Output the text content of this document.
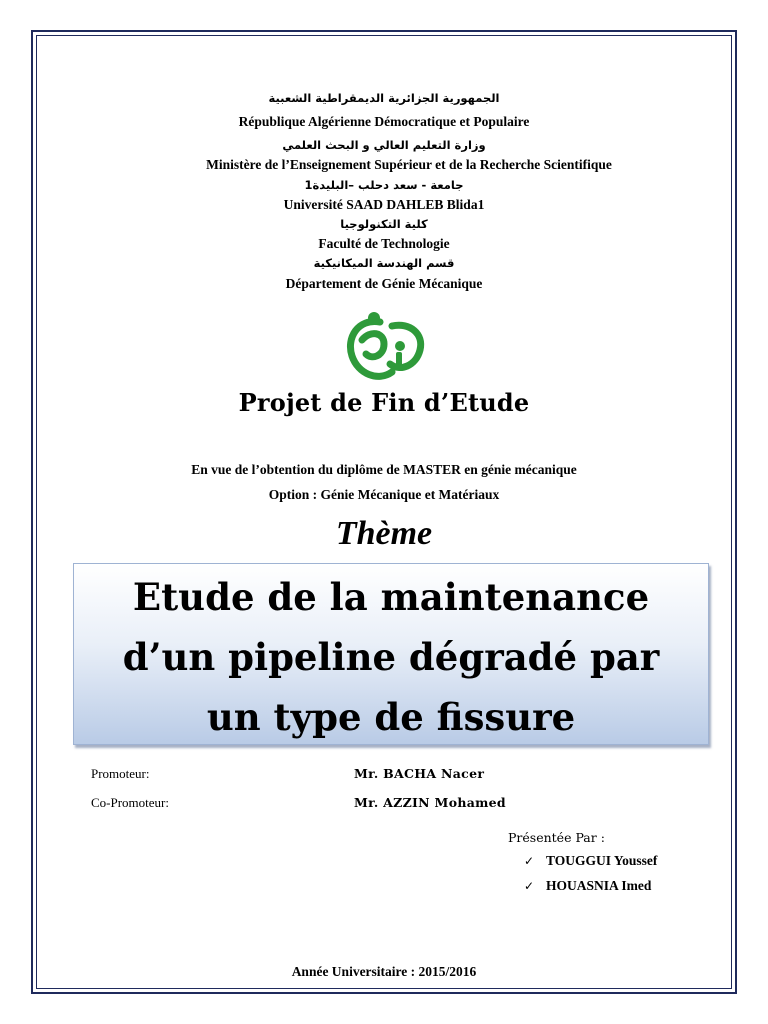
الجمهورية الجزائرية الديمقراطية الشعبية
République Algérienne Démocratique et Populaire
وزارة التعليم العالي و البحث العلمي
Ministère de l’Enseignement Supérieur et de la Recherche Scientifique
جامعة - سعد دحلب –البليدة1
Université SAAD DAHLEB Blida1
كلية التكنولوجيا
Faculté de Technologie
قسم الهندسة الميكانيكية
Département de Génie Mécanique
Projet de Fin d’Etude
En vue de l’obtention du diplôme de MASTER en génie mécanique
Option : Génie Mécanique et Matériaux
Thème
Etude de la maintenance
d’un pipeline dégradé par
un type de fissure
Promoteur:	Mr. BACHA Nacer
Co-Promoteur:	Mr. AZZIN Mohamed
Présentée Par :
✓ TOUGGUI Youssef
✓ HOUASNIA Imed
Année Universitaire : 2015/2016
